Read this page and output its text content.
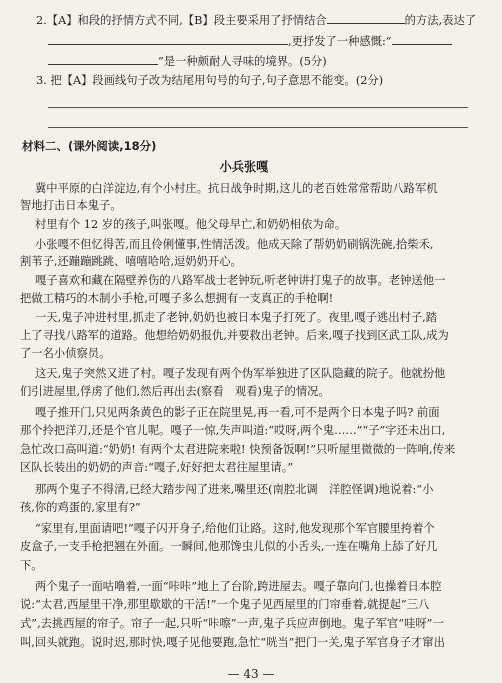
2.【A】和段的抒情方式不同,【B】段主要采用了抒情结合	的方法,表达了
,更抒发了一种感慨:“
”是一种颇耐人寻味的境界。(5分)
3. 把【A】段画线句子改为结尾用句号的句子,句子意思不能变。(2分)
材料二、(课外阅读,18分)
小兵张嘎
冀中平原的白洋淀边,有个小村庄。抗日战争时期,这儿的老百姓常常帮助八路军机
智地打击日本鬼子。
村里有个 12 岁的孩子,叫张嘎。他父母早亡,和奶奶相依为命。
小张嘎不但忆得苦,而且伶俐懂事,性情活泼。他成天除了帮奶奶刷锅洗碗,拾柴禾,
割苇子,还蹦蹦跳跳、嘻嘻哈哈,逗奶奶开心。
嘎子喜欢和藏在隔壁养伤的八路军战士老钟玩,听老钟讲打鬼子的故事。老钟送他一
把做工精巧的木制小手枪,可嘎子多么想拥有一支真正的手枪啊!
一天,鬼子冲进村里,抓走了老钟,奶奶也被日本鬼子打死了。夜里,嘎子逃出村子,踏
上了寻找八路军的道路。他想给奶奶报仇,并要救出老钟。后来,嘎子找到区武工队,成为
了一名小侦察员。
这天,鬼子突然又进了村。嘎子发现有两个伪军举独进了区队隐藏的院子。他就扮他
们引进屋里,俘虏了他们,然后再出去(察看　观看)鬼子的情况。
嘎子推开门,只见两条黄色的影子正在院里晃,再一看,可不是两个日本鬼子吗? 前面
那个拎把洋刀,还是个官儿呢。嘎子一惊,失声叫道:“哎呀,两个鬼……”“子”字还未出口,
急忙改口高叫道:“奶奶! 有两个太君进院来啦! 快预备饭啊!”只听屋里微微的一阵响,传来
区队长装出的奶奶的声音:“嘎子,好好把太君往屋里请。”
那两个鬼子不得清,已经大踏步闯了进来,嘴里还(南腔北调　洋腔怪调)地说着:“小
孩,你的鸡蛋的,家里有?”
“家里有,里面请吧!”嘎子闪开身子,给他们让路。这时,他发现那个军官腰里挎着个
皮盒子,一支手枪把翘在外面。一瞬间,他那馋虫儿似的小舌头,一连在嘴角上舔了好几
下。
两个鬼子一面咕噜着,一面“咔咔”地上了台阶,跨进屋去。嘎子靠向门,也操着日本腔
说:“太君,西屋里干净,那里歇歇的干活!”一个鬼子见西屋里的门帘垂着,就提起“三八
式”,去挑西屋的帘子。帘子一起,只听“咔嚓”一声,鬼子兵应声倒地。鬼子军官“哇呀”一
叫,回头就跑。说时迟,那时快,嘎子见他要跑,急忙“咣当”把门一关,鬼子军官身子才窜出
— 43 —
